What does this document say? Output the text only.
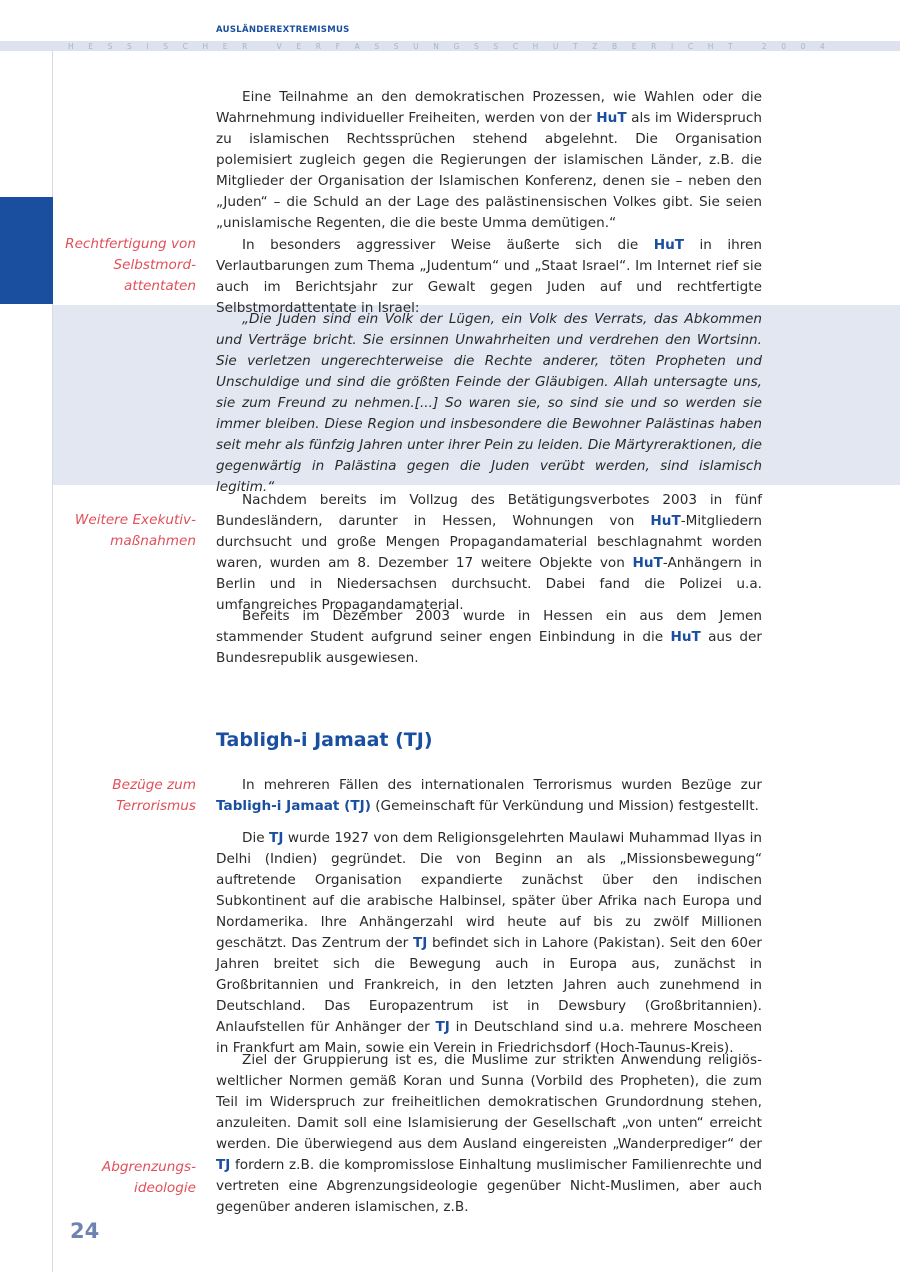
H E S S I S C H E R	V E R F A S S U N G S S C H U T Z B E R I C H T	2 0 0 4
AUSLÄNDEREXTREMISMUS
Rechtfertigung von Selbstmord-attentaten
Weitere Exekutiv-maßnahmen
Bezüge zum Terrorismus
Abgrenzungs-ideologie

Eine Teilnahme an den demokratischen Prozessen, wie Wahlen oder die Wahrnehmung individueller Freiheiten, werden von der HuT als im Widerspruch zu islamischen Rechtssprüchen stehend abgelehnt. Die Organisation polemisiert zugleich gegen die Regierungen der islamischen Länder, z.B. die Mitglieder der Organisation der Islamischen Konferenz, denen sie – neben den „Juden“ – die Schuld an der Lage des palästinensischen Volkes gibt. Sie seien „unislamische Regenten, die die beste Umma demütigen.“

In besonders aggressiver Weise äußerte sich die HuT in ihren Verlautbarungen zum Thema „Judentum“ und „Staat Israel“. Im Internet rief sie auch im Berichtsjahr zur Gewalt gegen Juden auf und rechtfertigte Selbstmordattentate in Israel:

„Die Juden sind ein Volk der Lügen, ein Volk des Verrats, das Abkommen und Verträge bricht. Sie ersinnen Unwahrheiten und verdrehen den Wortsinn. Sie verletzen ungerechterweise die Rechte anderer, töten Propheten und Unschuldige und sind die größten Feinde der Gläubigen. Allah untersagte uns, sie zum Freund zu nehmen.[...] So waren sie, so sind sie und so werden sie immer bleiben. Diese Region und insbesondere die Bewohner Palästinas haben seit mehr als fünfzig Jahren unter ihrer Pein zu leiden. Die Märtyreraktionen, die gegenwärtig in Palästina gegen die Juden verübt werden, sind islamisch legitim.“

Nachdem bereits im Vollzug des Betätigungsverbotes 2003 in fünf Bundesländern, darunter in Hessen, Wohnungen von HuT-Mitgliedern durchsucht und große Mengen Propagandamaterial beschlagnahmt worden waren, wurden am 8. Dezember 17 weitere Objekte von HuT-Anhängern in Berlin und in Niedersachsen durchsucht. Dabei fand die Polizei u.a. umfangreiches Propagandamaterial.

Bereits im Dezember 2003 wurde in Hessen ein aus dem Jemen stammender Student aufgrund seiner engen Einbindung in die HuT aus der Bundesrepublik ausgewiesen.

Tabligh-i Jamaat (TJ)

In mehreren Fällen des internationalen Terrorismus wurden Bezüge zur Tabligh-i Jamaat (TJ) (Gemeinschaft für Verkündung und Mission) festgestellt.

Die TJ wurde 1927 von dem Religionsgelehrten Maulawi Muhammad Ilyas in Delhi (Indien) gegründet. Die von Beginn an als „Missionsbewegung“ auftretende Organisation expandierte zunächst über den indischen Subkontinent auf die arabische Halbinsel, später über Afrika nach Europa und Nordamerika. Ihre Anhängerzahl wird heute auf bis zu zwölf Millionen geschätzt. Das Zentrum der TJ befindet sich in Lahore (Pakistan). Seit den 60er Jahren breitet sich die Bewegung auch in Europa aus, zunächst in Großbritannien und Frankreich, in den letzten Jahren auch zunehmend in Deutschland. Das Europazentrum ist in Dewsbury (Großbritannien). Anlaufstellen für Anhänger der TJ in Deutschland sind u.a. mehrere Moscheen in Frankfurt am Main, sowie ein Verein in Friedrichsdorf (Hoch-Taunus-Kreis).

Ziel der Gruppierung ist es, die Muslime zur strikten Anwendung religiös-weltlicher Normen gemäß Koran und Sunna (Vorbild des Propheten), die zum Teil im Widerspruch zur freiheitlichen demokratischen Grundordnung stehen, anzuleiten. Damit soll eine Islamisierung der Gesellschaft „von unten“ erreicht werden. Die überwiegend aus dem Ausland eingereisten „Wanderprediger“ der TJ fordern z.B. die kompromisslose Einhaltung muslimischer Familienrechte und vertreten eine Abgrenzungsideologie gegenüber Nicht-Muslimen, aber auch gegenüber anderen islamischen, z.B.

24
